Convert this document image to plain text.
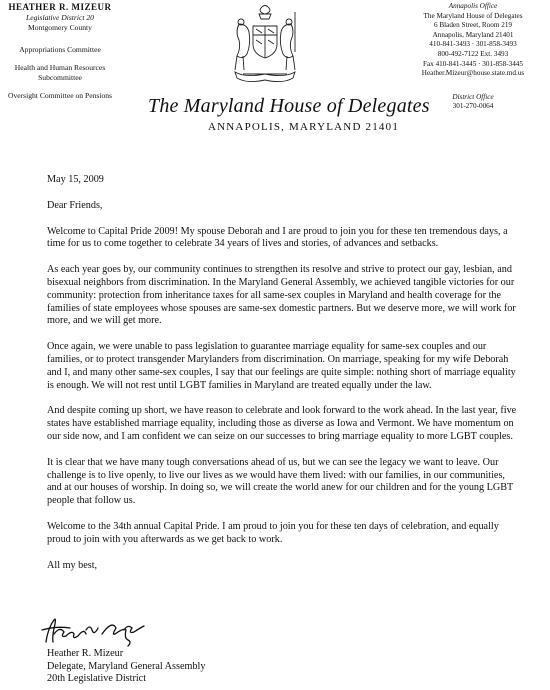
HEATHER R. MIZEUR
Legislative District 20
Montgomery County
Appropriations Committee
Health and Human Resources
Subcommittee
Oversight Committee on Pensions
Annapolis Office
The Maryland House of Delegates
6 Bladen Street, Room 219
Annapolis, Maryland 21401
410-841-3493 · 301-858-3493
800-492-7122 Ext. 3493
Fax 410-841-3445 · 301-858-3445
Heather.Mizeur@house.state.md.us
District Office
301-270-0064
The Maryland House of Delegates
ANNAPOLIS, MARYLAND 21401

May 15, 2009

Dear Friends,

Welcome to Capital Pride 2009! My spouse Deborah and I are proud to join you for these ten tremendous days, a time for us to come together to celebrate 34 years of lives and stories, of advances and setbacks.

As each year goes by, our community continues to strengthen its resolve and strive to protect our gay, lesbian, and bisexual neighbors from discrimination. In the Maryland General Assembly, we achieved tangible victories for our community: protection from inheritance taxes for all same-sex couples in Maryland and health coverage for the families of state employees whose spouses are same-sex domestic partners. But we deserve more, we will work for more, and we will get more.

Once again, we were unable to pass legislation to guarantee marriage equality for same-sex couples and our families, or to protect transgender Marylanders from discrimination. On marriage, speaking for my wife Deborah and I, and many other same-sex couples, I say that our feelings are quite simple: nothing short of marriage equality is enough. We will not rest until LGBT families in Maryland are treated equally under the law.

And despite coming up short, we have reason to celebrate and look forward to the work ahead. In the last year, five states have established marriage equality, including those as diverse as Iowa and Vermont. We have momentum on our side now, and I am confident we can seize on our successes to bring marriage equality to more LGBT couples.

It is clear that we have many tough conversations ahead of us, but we can see the legacy we want to leave. Our challenge is to live openly, to live our lives as we would have them lived: with our families, in our communities, and at our houses of worship. In doing so, we will create the world anew for our children and for the young LGBT people that follow us.

Welcome to the 34th annual Capital Pride. I am proud to join you for these ten days of celebration, and equally proud to join with you afterwards as we get back to work.

All my best,

Heather R. Mizeur
Delegate, Maryland General Assembly
20th Legislative District
